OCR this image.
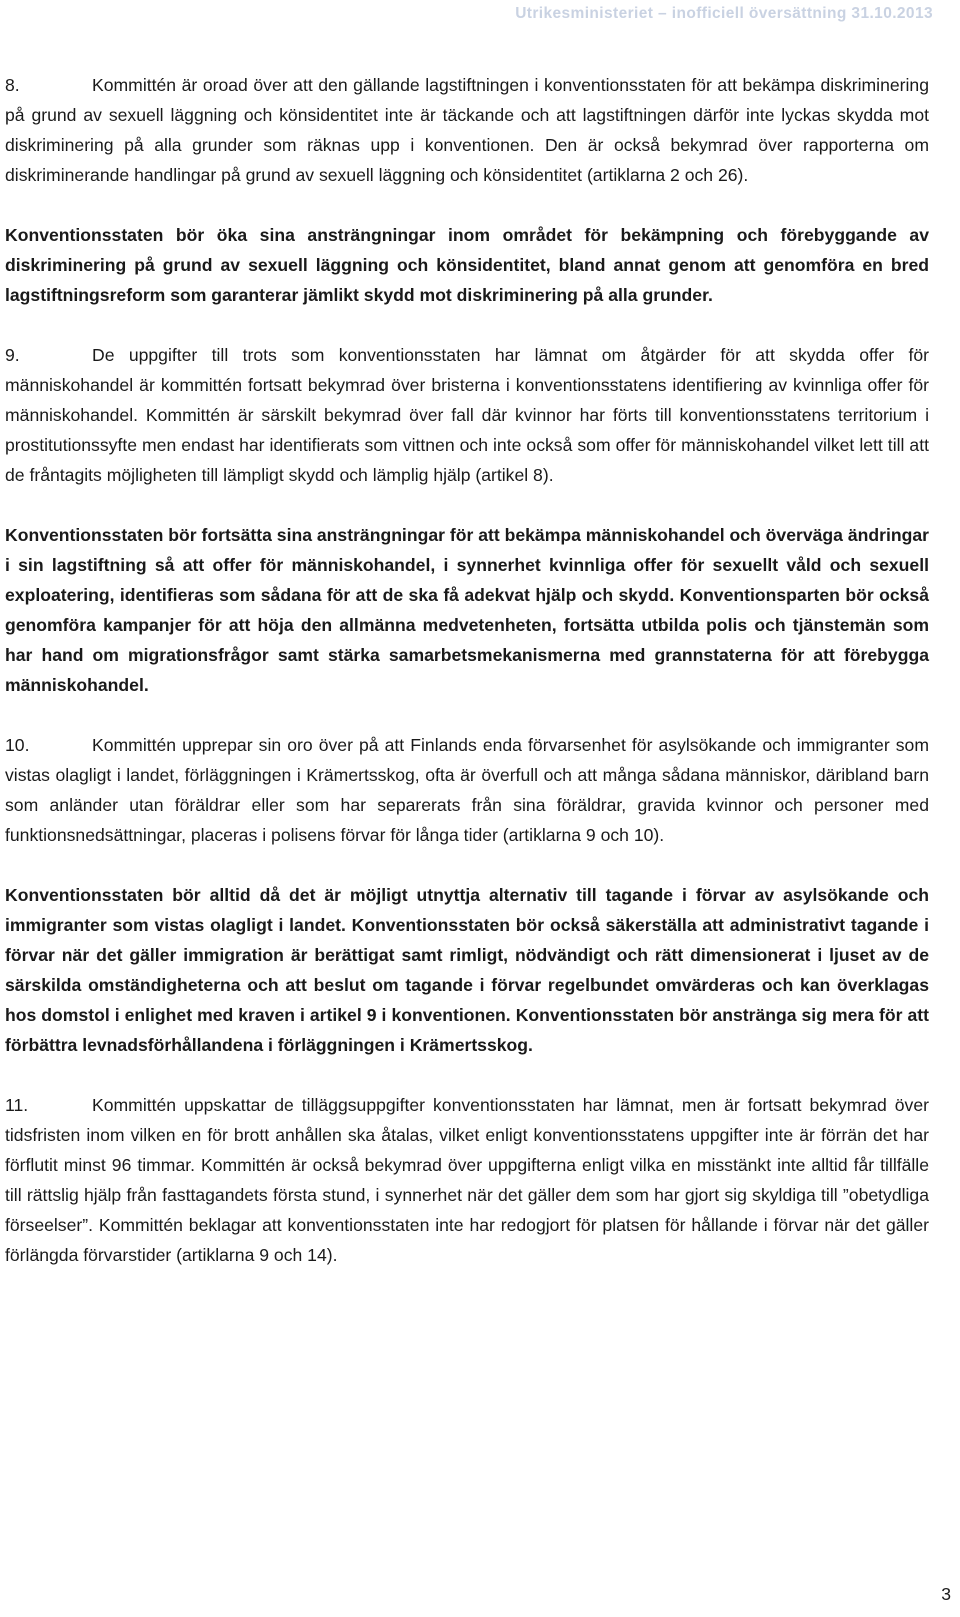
Utrikesministeriet – inofficiell översättning 31.10.2013

8.	Kommittén är oroad över att den gällande lagstiftningen i konventionsstaten för att bekämpa diskriminering på grund av sexuell läggning och könsidentitet inte är täckande och att lagstiftningen därför inte lyckas skydda mot diskriminering på alla grunder som räknas upp i konventionen. Den är också bekymrad över rapporterna om diskriminerande handlingar på grund av sexuell läggning och könsidentitet (artiklarna 2 och 26).

Konventionsstaten bör öka sina ansträngningar inom området för bekämpning och förebyggande av diskriminering på grund av sexuell läggning och könsidentitet, bland annat genom att genomföra en bred lagstiftningsreform som garanterar jämlikt skydd mot diskriminering på alla grunder.

9.	De uppgifter till trots som konventionsstaten har lämnat om åtgärder för att skydda offer för människohandel är kommittén fortsatt bekymrad över bristerna i konventionsstatens identifiering av kvinnliga offer för människohandel. Kommittén är särskilt bekymrad över fall där kvinnor har förts till konventionsstatens territorium i prostitutionssyfte men endast har identifierats som vittnen och inte också som offer för människohandel vilket lett till att de fråntagits möjligheten till lämpligt skydd och lämplig hjälp (artikel 8).

Konventionsstaten bör fortsätta sina ansträngningar för att bekämpa människohandel och överväga ändringar i sin lagstiftning så att offer för människohandel, i synnerhet kvinnliga offer för sexuellt våld och sexuell exploatering, identifieras som sådana för att de ska få adekvat hjälp och skydd. Konventionsparten bör också genomföra kampanjer för att höja den allmänna medvetenheten, fortsätta utbilda polis och tjänstemän som har hand om migrationsfrågor samt stärka samarbetsmekanismerna med grannstaterna för att förebygga människohandel.

10.	Kommittén upprepar sin oro över på att Finlands enda förvarsenhet för asylsökande och immigranter som vistas olagligt i landet, förläggningen i Krämertsskog, ofta är överfull och att många sådana människor, däribland barn som anländer utan föräldrar eller som har separerats från sina föräldrar, gravida kvinnor och personer med funktionsnedsättningar, placeras i polisens förvar för långa tider (artiklarna 9 och 10).

Konventionsstaten bör alltid då det är möjligt utnyttja alternativ till tagande i förvar av asylsökande och immigranter som vistas olagligt i landet. Konventionsstaten bör också säkerställa att administrativt tagande i förvar när det gäller immigration är berättigat samt rimligt, nödvändigt och rätt dimensionerat i ljuset av de särskilda omständigheterna och att beslut om tagande i förvar regelbundet omvärderas och kan överklagas hos domstol i enlighet med kraven i artikel 9 i konventionen. Konventionsstaten bör anstränga sig mera för att förbättra levnadsförhållandena i förläggningen i Krämertsskog.

11.	Kommittén uppskattar de tilläggsuppgifter konventionsstaten har lämnat, men är fortsatt bekymrad över tidsfristen inom vilken en för brott anhållen ska åtalas, vilket enligt konventionsstatens uppgifter inte är förrän det har förflutit minst 96 timmar. Kommittén är också bekymrad över uppgifterna enligt vilka en misstänkt inte alltid får tillfälle till rättslig hjälp från fasttagandets första stund, i synnerhet när det gäller dem som har gjort sig skyldiga till ”obetydliga förseelser”. Kommittén beklagar att konventionsstaten inte har redogjort för platsen för hållande i förvar när det gäller förlängda förvarstider (artiklarna 9 och 14).

3
